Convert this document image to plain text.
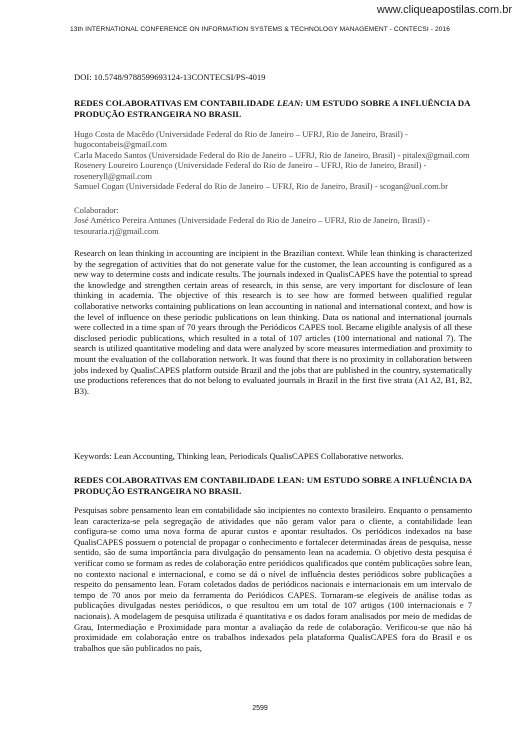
www.cliqueapostilas.com.br
13th INTERNATIONAL CONFERENCE ON INFORMATION SYSTEMS & TECHNOLOGY MANAGEMENT - CONTECSI - 2016
DOI: 10.5748/9788599693124-13CONTECSI/PS-4019
REDES COLABORATIVAS EM CONTABILIDADE LEAN: UM ESTUDO SOBRE A INFLUÊNCIA DA PRODUÇÃO ESTRANGEIRA NO BRASIL

Hugo Costa de Macêdo (Universidade Federal do Rio de Janeiro – UFRJ, Rio de Janeiro, Brasil) - hugocontabeis@gmail.com

Carla Macedo Santos (Universidade Federal do Rio de Janeiro – UFRJ, Rio de Janeiro, Brasil) - pitalex@gmail.com

Rosenery Loureiro Lourenço (Universidade Federal do Rio de Janeiro – UFRJ, Rio de Janeiro, Brasil) - roseneryll@gmail.com

Samuel Cogan (Universidade Federal do Rio de Janeiro – UFRJ, Rio de Janeiro, Brasil) - scogan@uol.com.br

Colaborador:

José Américo Pereira Antunes (Universidade Federal do Rio de Janeiro – UFRJ, Rio de Janeiro, Brasil) - tesouraria.rj@gmail.com

Research on lean thinking in accounting are incipient in the Brazilian context. While lean thinking is characterized by the segregation of activities that do not generate value for the customer, the lean accounting is configured as a new way to determine costs and indicate results. The journals indexed in QualisCAPES have the potential to spread the knowledge and strengthen certain areas of research, in this sense, are very important for disclosure of lean thinking in academia. The objective of this research is to see how are formed between qualified regular collaborative networks containing publications on lean accounting in national and international context, and how is the level of influence on these periodic publications on lean thinking. Data os national and international journals were collected in a time span of 70 years through the Periódicos CAPES tool. Became eligible analysis of all these disclosed periodic publications, which resulted in a total of 107 articles (100 international and national 7). The search is utilized quantitative modeling and data were analyzed by score measures intermediation and proximity to mount the evaluation of the collaboration network. It was found that there is no proximity in collaboration between jobs indexed by QualisCAPES platform outside Brazil and the jobs that are published in the country, systematically use productions references that do not belong to evaluated journals in Brazil in the first five strata (A1 A2, B1, B2, B3).
Keywords: Lean Accounting, Thinking lean, Periodicals QualisCAPES Collaborative networks.
REDES COLABORATIVAS EM CONTABILIDADE LEAN: UM ESTUDO SOBRE A INFLUÊNCIA DA PRODUÇÃO ESTRANGEIRA NO BRASIL
Pesquisas sobre pensamento lean em contabilidade são incipientes no contexto brasileiro. Enquanto o pensamento lean caracteriza-se pela segregação de atividades que não geram valor para o cliente, a contabilidade lean configura-se como uma nova forma de apurar custos e apontar resultados. Os periódicos indexados na base QualisCAPES possuem o potencial de propagar o conhecimento e fortalecer determinadas áreas de pesquisa, nesse sentido, são de suma importância para divulgação do pensamento lean na academia. O objetivo desta pesquisa é verificar como se formam as redes de colaboração entre periódicos qualificados que contém publicações sobre lean, no contexto nacional e internacional, e como se dá o nível de influência destes periódicos sobre publicações a respeito do pensamento lean. Foram coletados dados de periódicos nacionais e internacionais em um intervalo de tempo de 70 anos por meio da ferramenta do Periódicos CAPES. Tornaram-se elegíveis de análise todas as publicações divulgadas nestes periódicos, o que resultou em um total de 107 artigos (100 internacionais e 7 nacionais). A modelagem de pesquisa utilizada é quantitativa e os dados foram analisados por meio de medidas de Grau, Intermediação e Proximidade para montar a avaliação da rede de colaboração. Verificou-se que não há proximidade em colaboração entre os trabalhos indexados pela plataforma QualisCAPES fora do Brasil e os trabalhos que são publicados no país,
2599
